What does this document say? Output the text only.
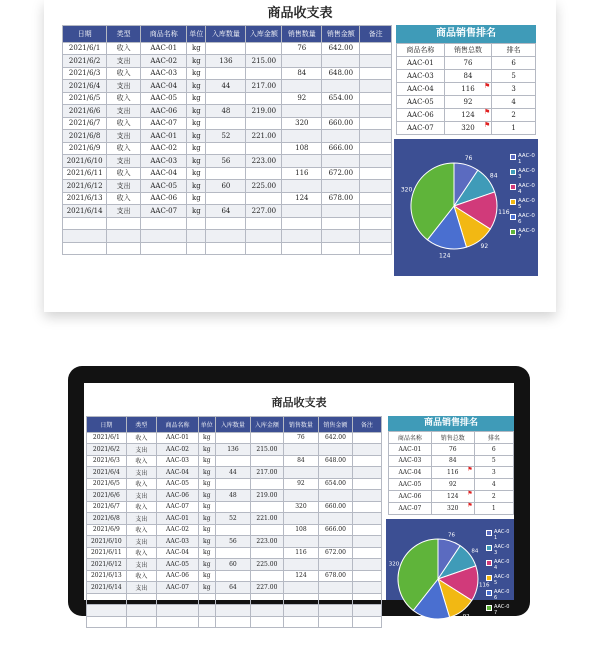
商品收支表
日期	类型	商品名称	单位	入库数量	入库金额	销售数量	销售金额	备注
2021/6/1	收入	AAC-01	kg			76	642.00	
2021/6/2	支出	AAC-02	kg	136	215.00			
2021/6/3	收入	AAC-03	kg			84	648.00	
2021/6/4	支出	AAC-04	kg	44	217.00			
2021/6/5	收入	AAC-05	kg			92	654.00	
2021/6/6	支出	AAC-06	kg	48	219.00			
2021/6/7	收入	AAC-07	kg			320	660.00	
2021/6/8	支出	AAC-01	kg	52	221.00			
2021/6/9	收入	AAC-02	kg			108	666.00	
2021/6/10	支出	AAC-03	kg	56	223.00			
2021/6/11	收入	AAC-04	kg			116	672.00	
2021/6/12	支出	AAC-05	kg	60	225.00			
2021/6/13	收入	AAC-06	kg			124	678.00	
2021/6/14	支出	AAC-07	kg	64	227.00			

商品销售排名
商品名称	销售总数	排名
AAC-01	76	6
AAC-03	84	5
AAC-04	116 ⚑	3
AAC-05	92	4
AAC-06	124 ⚑	2
AAC-07	320 ⚑	1
76
84
116
92
124
320
AAC-01
AAC-03
AAC-04
AAC-05
AAC-06
AAC-07
商品收支表
日期	类型	商品名称	单位	入库数量	入库金额	销售数量	销售金额	备注
2021/6/1	收入	AAC-01	kg			76	642.00	
2021/6/2	支出	AAC-02	kg	136	215.00			
2021/6/3	收入	AAC-03	kg			84	648.00	
2021/6/4	支出	AAC-04	kg	44	217.00			
2021/6/5	收入	AAC-05	kg			92	654.00	
2021/6/6	支出	AAC-06	kg	48	219.00			
2021/6/7	收入	AAC-07	kg			320	660.00	
2021/6/8	支出	AAC-01	kg	52	221.00			
2021/6/9	收入	AAC-02	kg			108	666.00	
2021/6/10	支出	AAC-03	kg	56	223.00			
2021/6/11	收入	AAC-04	kg			116	672.00	
2021/6/12	支出	AAC-05	kg	60	225.00			
2021/6/13	收入	AAC-06	kg			124	678.00	
2021/6/14	支出	AAC-07	kg	64	227.00			

商品销售排名
商品名称	销售总数	排名
AAC-01	76	6
AAC-03	84	5
AAC-04	116 ⚑	3
AAC-05	92	4
AAC-06	124 ⚑	2
AAC-07	320 ⚑	1
76
84
116
92
124
320
AAC-01
AAC-03
AAC-04
AAC-05
AAC-06
AAC-07
